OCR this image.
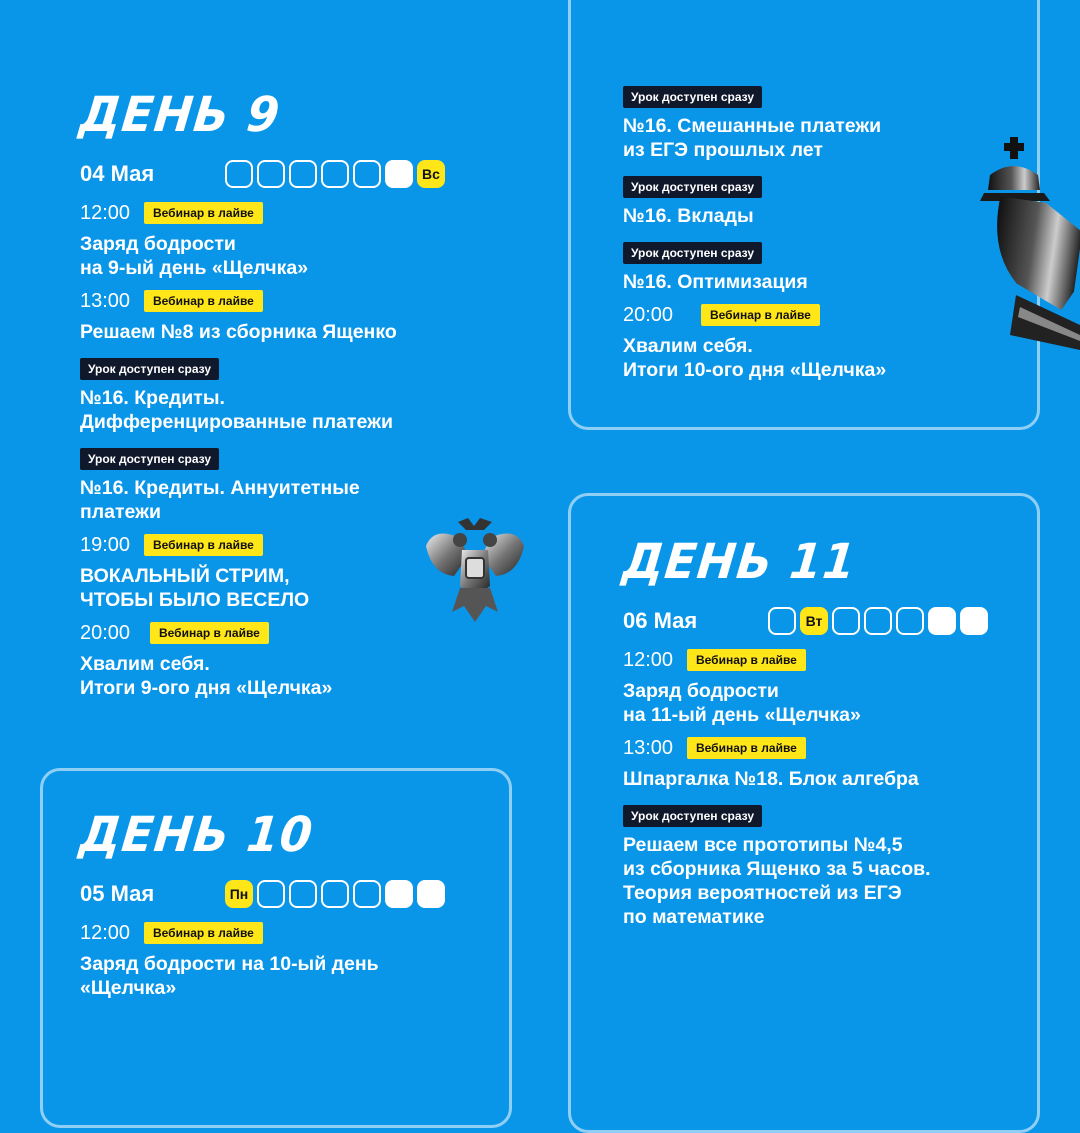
ДЕНЬ 9
04 Мая	Вс
12:00	Вебинар в лайве
Заряд бодрости
на 9-ый день «Щелчка»
13:00	Вебинар в лайве
Решаем №8 из сборника Ященко
Урок доступен сразу
№16. Кредиты.
Дифференцированные платежи
Урок доступен сразу
№16. Кредиты. Аннуитетные
платежи
19:00	Вебинар в лайве
ВОКАЛЬНЫЙ СТРИМ,
ЧТОБЫ БЫЛО ВЕСЕЛО
20:00	Вебинар в лайве
Хвалим себя.
Итоги 9-ого дня «Щелчка»
Урок доступен сразу
№16. Смешанные платежи
из ЕГЭ прошлых лет
Урок доступен сразу
№16. Вклады
Урок доступен сразу
№16. Оптимизация
20:00	Вебинар в лайве
Хвалим себя.
Итоги 10-ого дня «Щелчка»
ДЕНЬ 10
05 Мая	Пн
12:00	Вебинар в лайве
Заряд бодрости на 10-ый день
«Щелчка»
ДЕНЬ 11
06 Мая	Вт
12:00	Вебинар в лайве
Заряд бодрости
на 11-ый день «Щелчка»
13:00	Вебинар в лайве
Шпаргалка №18. Блок алгебра
Урок доступен сразу
Решаем все прототипы №4,5
из сборника Ященко за 5 часов.
Теория вероятностей из ЕГЭ
по математике
